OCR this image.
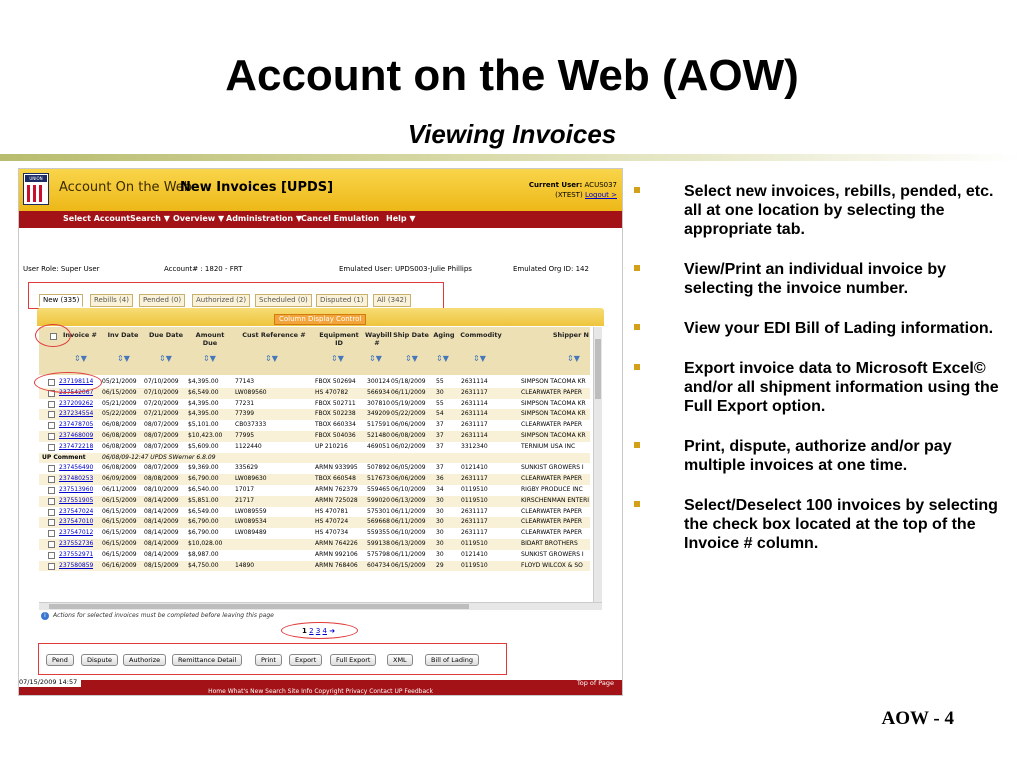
Account on the Web (AOW)
Viewing Invoices
Select new invoices, rebills, pended, etc. all at one location by selecting the appropriate tab.
View/Print an individual invoice by selecting the invoice number.
View your EDI Bill of Lading information.
Export invoice data to Microsoft Excel© and/or all shipment information using the Full Export option.
Print, dispute, authorize and/or pay multiple invoices at one time.
Select/Deselect 100 invoices by selecting the check box located at the top of the Invoice # column.
AOW - 4
UNION
Account On the Web
New Invoices [UPDS]	Current User: ACUS037
(XTEST) Logout >
Select Account Search ▼ Overview ▼ Administration ▼
Cancel Emulation Help ▼
User Role: Super User	Account# : 1820 - FRT	Emulated User: UPDS003-Julie Phillips	Emulated Org ID: 142
New (335)	Rebills (4)	Pended (0)	Authorized (2)	Scheduled (0)	Disputed (1)	All (342)
Column Display Control
Invoice #	Inv Date	Due Date	Amount Due
Cust Reference #	Equipment ID
Waybill #
Ship Date Aging Commodity	Shipper N
⇕▼	⇕▼	⇕▼	⇕▼	⇕▼	⇕▼	⇕▼	⇕▼ ⇕▼	⇕▼	⇕▼
237198114 05/21/2009 07/10/2009 $4,395.00	77143	FBOX 502694 300124 05/18/2009 55	2631114	SIMPSON TACOMA KR
237542067 06/15/2009 07/10/2009 $6,549.00	LW089560	HS 470782	566934 06/11/2009 30	2631117	CLEARWATER PAPER
237209262 05/21/2009 07/20/2009 $4,395.00	77231	FBOX 502711 307810 05/19/2009 55	2631114	SIMPSON TACOMA KR
237234554 05/22/2009 07/21/2009 $4,395.00	77399	FBOX 502238 349209 05/22/2009 54	2631114	SIMPSON TACOMA KR
237478705 06/08/2009 08/07/2009 $5,101.00	CB037333	TBOX 660334 517591 06/06/2009 37	2631117	CLEARWATER PAPER
237468009 06/08/2009 08/07/2009 $10,423.00 77995	FBOX 504036 521480 06/08/2009 37	2631114	SIMPSON TACOMA KR
237472218 06/08/2009 08/07/2009 $5,609.00	1122440	UP 210216	469051 06/02/2009 37	3312340	TERNIUM USA INC
UP Comment	06/08/09-12:47 UPDS SWerner 6.8.09
237456490 06/08/2009 08/07/2009 $9,369.00	335629	ARMN 933995 507892 06/05/2009 37	0121410	SUNKIST GROWERS I
237480253 06/09/2009 08/08/2009 $6,790.00	LW089630	TBOX 660548 517673 06/06/2009 36	2631117	CLEARWATER PAPER
237513960 06/11/2009 08/10/2009 $6,540.00	17017	ARMN 762379 559465 06/10/2009 34	0119510	RIGBY PRODUCE INC
237551905 06/15/2009 08/14/2009 $5,851.00	21717	ARMN 725028 599020 06/13/2009 30	0119510	KIRSCHENMAN ENTERI
237547024 06/15/2009 08/14/2009 $6,549.00	LW089559	HS 470781	575301 06/11/2009 30	2631117	CLEARWATER PAPER
237547010 06/15/2009 08/14/2009 $6,790.00	LW089534	HS 470724	569668 06/11/2009 30	2631117	CLEARWATER PAPER
237547012 06/15/2009 08/14/2009 $6,790.00	LW089489	HS 470734	559355 06/10/2009 30	2631117	CLEARWATER PAPER
237552736 06/15/2009 08/14/2009 $10,028.00	ARMN 764226 599138 06/13/2009 30	0119510	BIDART BROTHERS
237552971 06/15/2009 08/14/2009 $8,987.00	ARMN 992106 575798 06/11/2009 30	0121410	SUNKIST GROWERS I
237580859 06/16/2009 08/15/2009 $4,750.00	14890	ARMN 768406 604734 06/15/2009 29	0119510	FLOYD WILCOX & SO
i	Actions for selected invoices must be completed before leaving this page
1 2 3 4 ➜
Pend	Dispute	Authorize	Remittance Detail	Print	Export	Full Export	XML	Bill of Lading
07/15/2009 14:57	Top of Page
Home What's New Search Site Info Copyright Privacy Contact UP Feedback
